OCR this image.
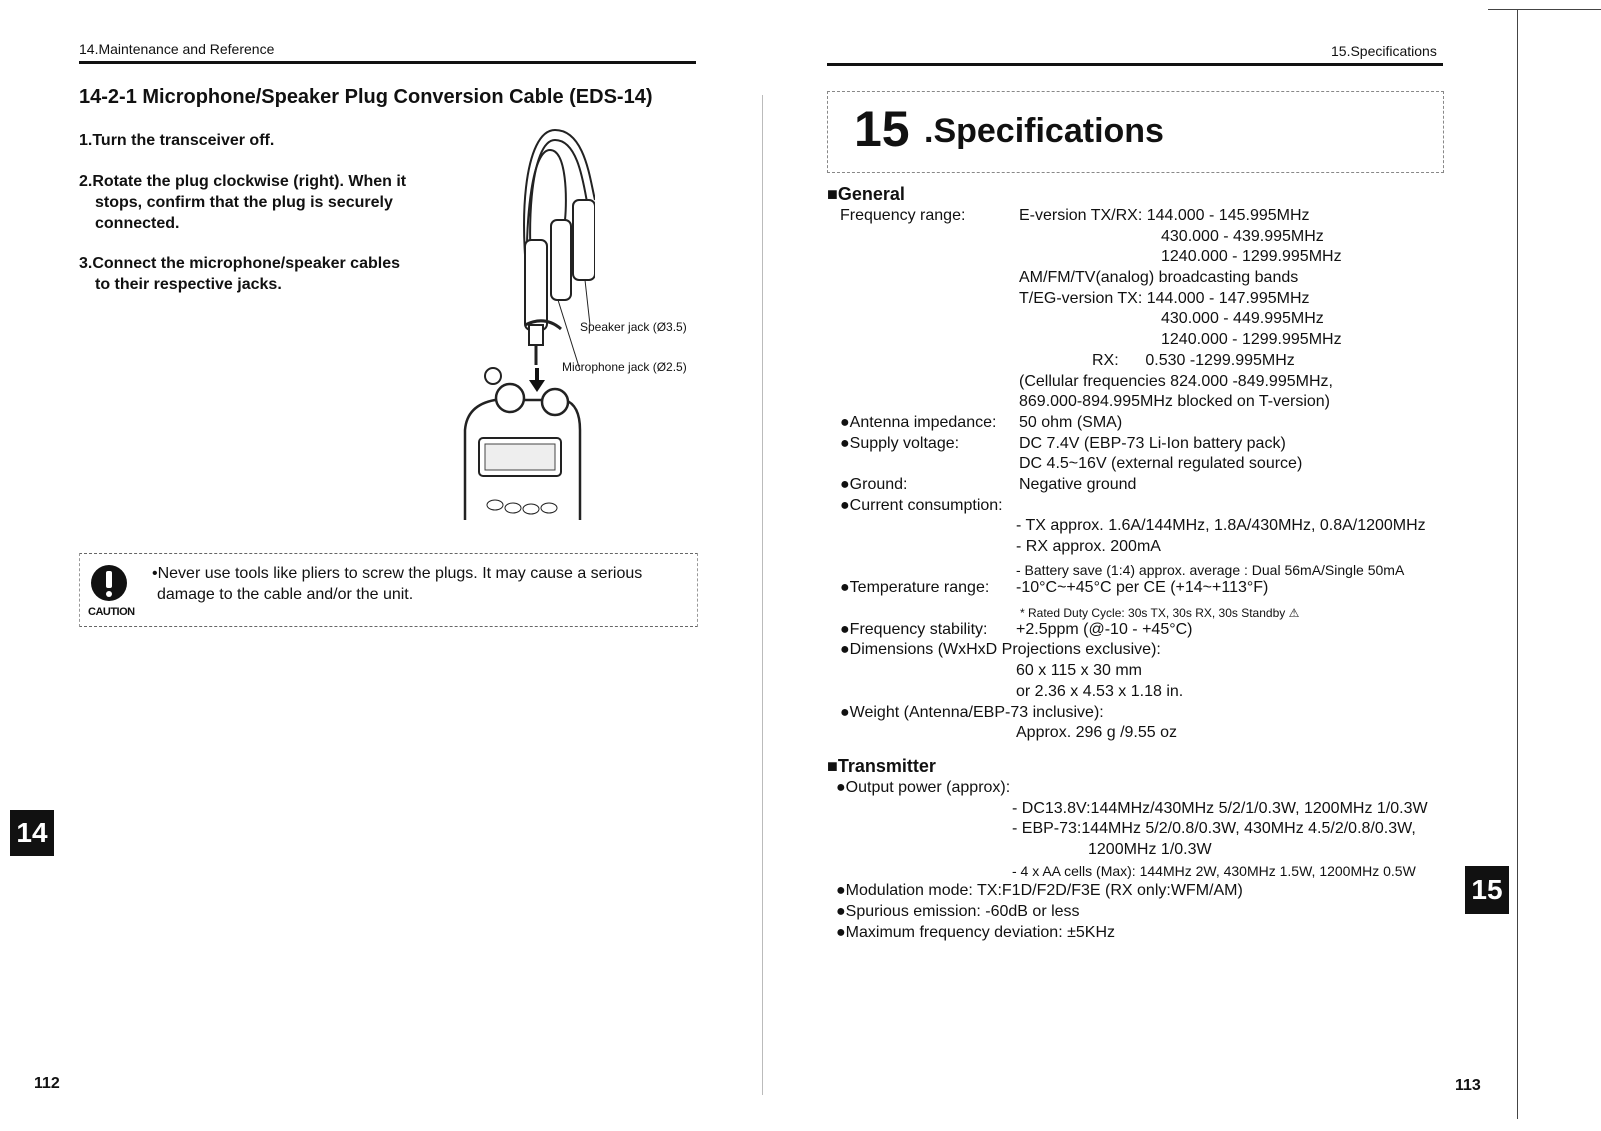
14.Maintenance and Reference
14-2-1 Microphone/Speaker Plug Conversion Cable (EDS-14)
1.Turn the transceiver off.
2.Rotate the plug clockwise (right). When it
stops, confirm that the plug is securely
connected.
3.Connect the microphone/speaker cables
to their respective jacks.
Speaker jack (Ø3.5)
Microphone jack (Ø2.5)
CAUTION
•Never use tools like pliers to screw the plugs. It may cause a serious
damage to the cable and/or the unit.
14
112
15.Specifications
15 .Specifications
■General
Frequency range:	E-version TX/RX: 144.000 - 145.995MHz
430.000 - 439.995MHz
1240.000 - 1299.995MHz
AM/FM/TV(analog) broadcasting bands
T/EG-version TX: 144.000 - 147.995MHz
430.000 - 449.995MHz
1240.000 - 1299.995MHz
RX:      0.530 -1299.995MHz
(Cellular frequencies 824.000 -849.995MHz,
869.000-894.995MHz blocked on T-version)
●Antenna impedance: 50 ohm (SMA)
●Supply voltage:	DC 7.4V (EBP-73 Li-Ion battery pack)
DC 4.5~16V (external regulated source)
●Ground:	Negative ground
●Current consumption:
- TX approx. 1.6A/144MHz, 1.8A/430MHz, 0.8A/1200MHz
- RX approx. 200mA
- Battery save (1:4) approx. average : Dual 56mA/Single 50mA
●Temperature range: -10°C~+45°C per CE (+14~+113°F)
* Rated Duty Cycle: 30s TX, 30s RX, 30s Standby ⚠
●Frequency stability: +2.5ppm (@-10 - +45°C)
●Dimensions (WxHxD Projections exclusive):
60 x 115 x 30 mm
or 2.36 x 4.53 x 1.18 in.
●Weight (Antenna/EBP-73 inclusive):
Approx. 296 g /9.55 oz
■Transmitter
●Output power (approx):
- DC13.8V:144MHz/430MHz 5/2/1/0.3W, 1200MHz 1/0.3W
- EBP-73:144MHz 5/2/0.8/0.3W, 430MHz 4.5/2/0.8/0.3W,
1200MHz 1/0.3W
- 4 x AA cells (Max): 144MHz 2W, 430MHz 1.5W, 1200MHz 0.5W
●Modulation mode: TX:F1D/F2D/F3E (RX only:WFM/AM)
●Spurious emission: -60dB or less
●Maximum frequency deviation: ±5KHz
15
113
